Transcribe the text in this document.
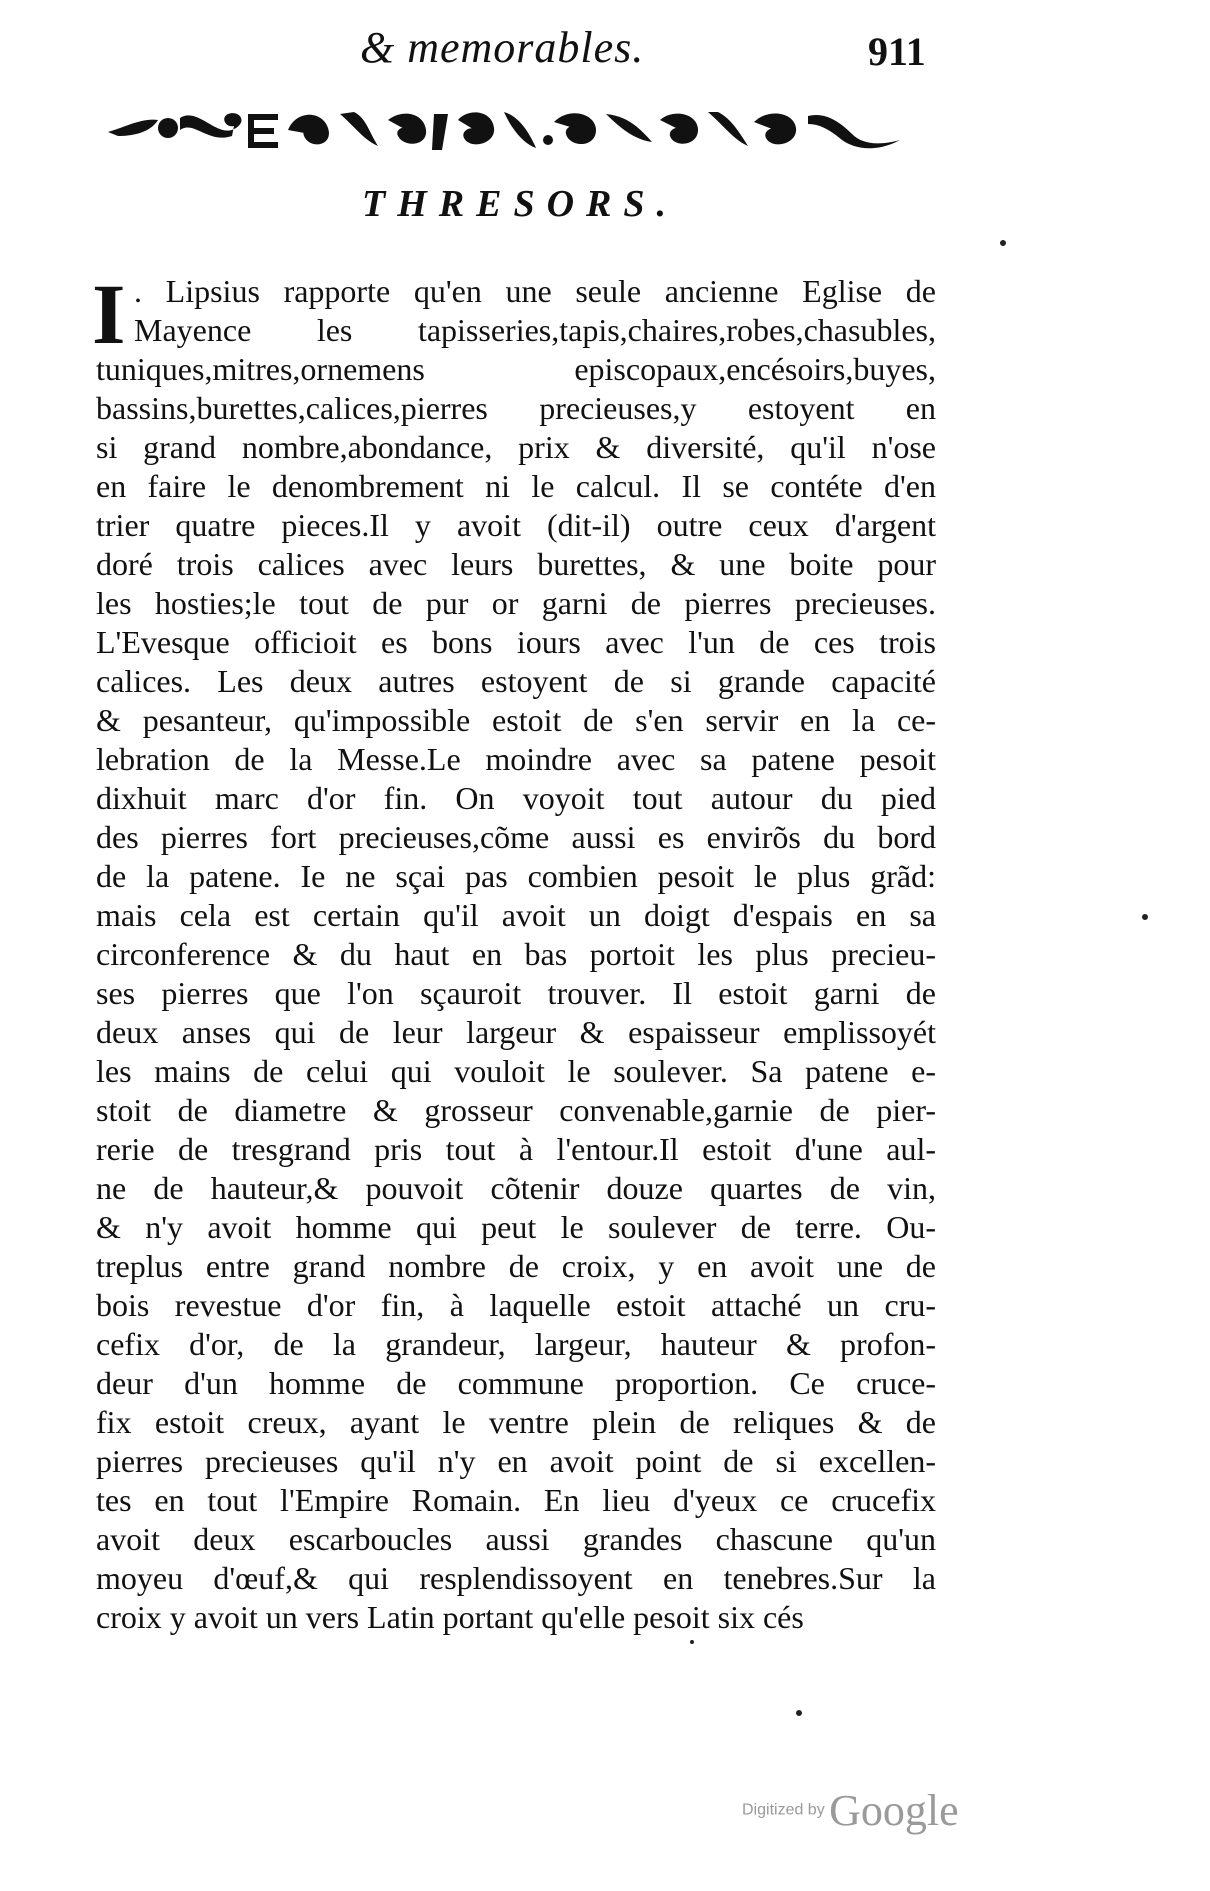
& memorables.	911
THRESORS.
I . Lipsius rapporte qu'en une seule ancienne Eglise de
Mayence les tapisseries,tapis,chaires,robes,chasubles,
tuniques,mitres,ornemens episcopaux,encésoirs,buyes,
bassins,burettes,calices,pierres precieuses,y estoyent en
si grand nombre,abondance, prix & diversité, qu'il n'ose
en faire le denombrement ni le calcul. Il se contéte d'en
trier quatre pieces.Il y avoit (dit-il) outre ceux d'argent
doré trois calices avec leurs burettes, & une boite pour
les hosties;le tout de pur or garni de pierres precieuses.
L'Evesque officioit es bons iours avec l'un de ces trois
calices. Les deux autres estoyent de si grande capacité
& pesanteur, qu'impossible estoit de s'en servir en la ce-
lebration de la Messe.Le moindre avec sa patene pesoit
dixhuit marc d'or fin. On voyoit tout autour du pied
des pierres fort precieuses,cõme aussi es envirõs du bord
de la patene. Ie ne sçai pas combien pesoit le plus grãd:
mais cela est certain qu'il avoit un doigt d'espais en sa
circonference & du haut en bas portoit les plus precieu-
ses pierres que l'on sçauroit trouver. Il estoit garni de
deux anses qui de leur largeur & espaisseur emplissoyét
les mains de celui qui vouloit le soulever. Sa patene e-
stoit de diametre & grosseur convenable,garnie de pier-
rerie de tresgrand pris tout à l'entour.Il estoit d'une aul-
ne de hauteur,& pouvoit cõtenir douze quartes de vin,
& n'y avoit homme qui peut le soulever de terre. Ou-
treplus entre grand nombre de croix, y en avoit une de
bois revestue d'or fin, à laquelle estoit attaché un cru-
cefix d'or, de la grandeur, largeur, hauteur & profon-
deur d'un homme de commune proportion. Ce cruce-
fix estoit creux, ayant le ventre plein de reliques & de
pierres precieuses qu'il n'y en avoit point de si excellen-
tes en tout l'Empire Romain. En lieu d'yeux ce crucefix
avoit deux escarboucles aussi grandes chascune qu'un
moyeu d'œuf,& qui resplendissoyent en tenebres.Sur la
croix y avoit un vers Latin portant qu'elle pesoit six cés
Digitized by Google
